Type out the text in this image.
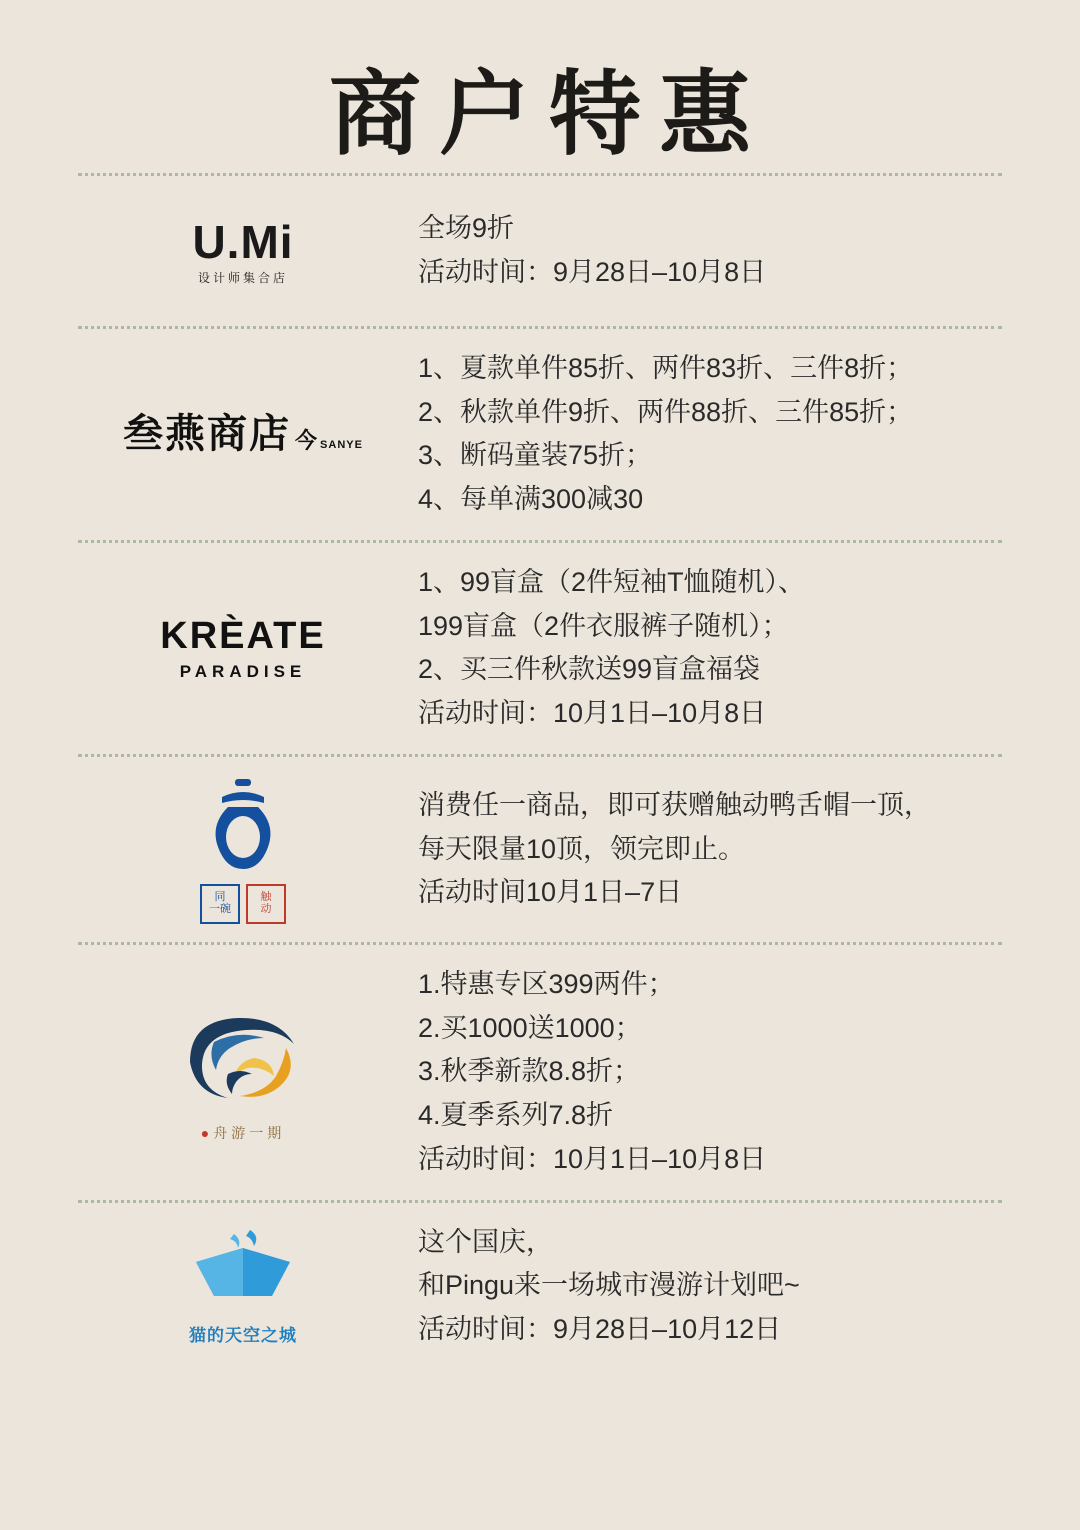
商户特惠
U.Mi
设计师集合店
全场9折
活动时间：9月28日–10月8日
叁燕商店 今 SANYE
1、夏款单件85折、两件83折、三件8折；
2、秋款单件9折、两件88折、三件85折；
3、断码童装75折；
4、每单满300减30
KRÈATE
PARADISE
1、99盲盒（2件短袖T恤随机）、
199盲盒（2件衣服裤子随机）；
2、买三件秋款送99盲盒福袋
活动时间：10月1日–10月8日
同
一碗
触
动
消费任一商品，即可获赠触动鸭舌帽一顶，
每天限量10顶，领完即止。
活动时间10月1日–7日
●舟游一期
1.特惠专区399两件；
2.买1000送1000；
3.秋季新款8.8折；
4.夏季系列7.8折
活动时间：10月1日–10月8日
猫的天空之城
这个国庆，
和Pingu来一场城市漫游计划吧~
活动时间：9月28日–10月12日
